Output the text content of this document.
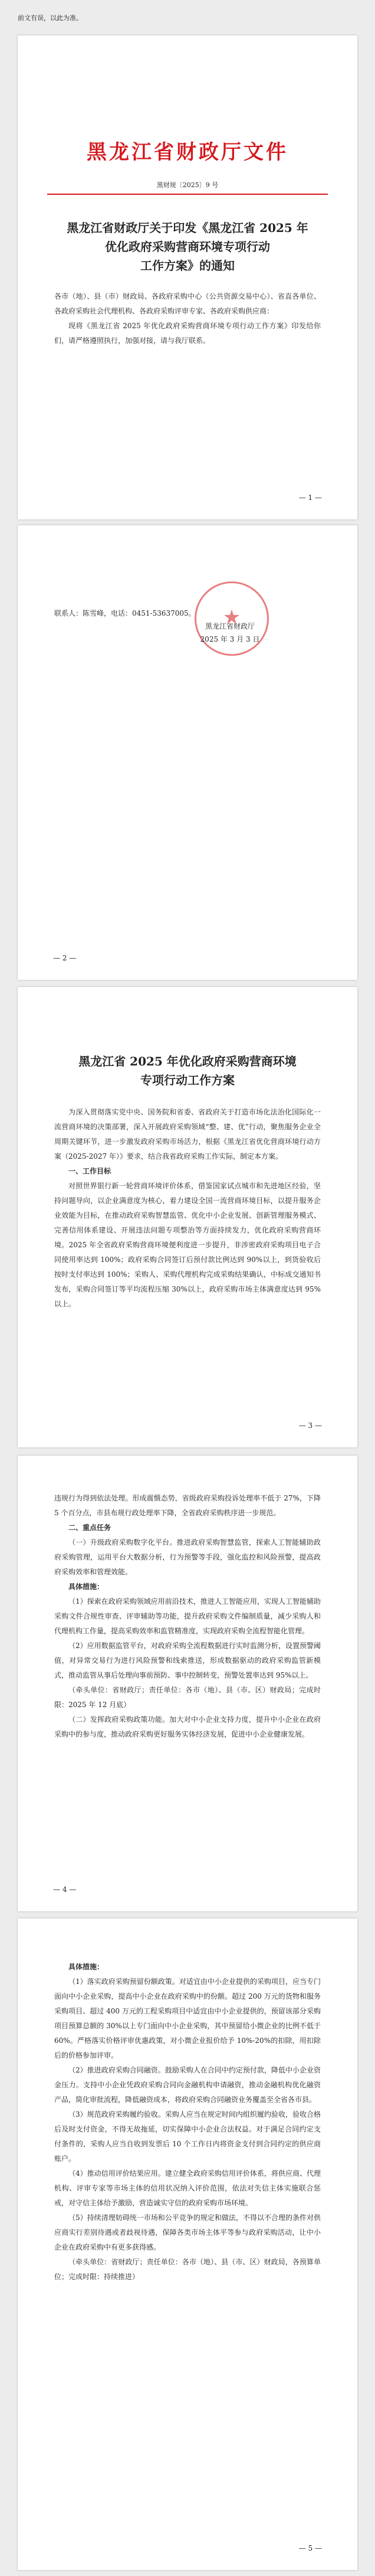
前文有误，以此为准。
黑龙江省财政厅文件
黑财规〔2025〕9 号
黑龙江省财政厅关于印发《黑龙江省 2025 年
优化政府采购营商环境专项行动
工作方案》的通知

各市（地）、县（市）财政局、各政府采购中心（公共资源交易中心）、省直各单位、各政府采购社会代理机构、各政府采购评审专家、各政府采购供应商：

现将《黑龙江省 2025 年优化政府采购营商环境专项行动工作方案》印发给你们，请严格遵照执行，加强对接，请与我厅联系。

— 1 —
联系人：陈雪峰，电话：0451-53637005。
★
黑龙江省财政厅
2025 年 3 月 3 日
— 2 —
黑龙江省 2025 年优化政府采购营商环境
专项行动工作方案

为深入贯彻落实党中央、国务院和省委、省政府关于打造市场化法治化国际化一流营商环境的决策部署，深入开展政府采购领域“整、建、优”行动，聚焦服务企业全周期关键环节，进一步激发政府采购市场活力，根据《黑龙江省优化营商环境行动方案（2025-2027 年）》要求，结合我省政府采购工作实际，制定本方案。

一、工作目标

对照世界银行新一轮营商环境评价体系，借鉴国家试点城市和先进地区经验，坚持问题导向，以企业满意度为核心，着力建设全国一流营商环境目标，以提升服务企业效能为目标，在推动政府采购智慧监管、优化中小企业发展、创新管理服务模式、完善信用体系建设、开展违法问题专项整治等方面持续发力，优化政府采购营商环境。2025 年全省政府采购营商环境便利度进一步提升，非涉密政府采购项目电子合同使用率达到 100%；政府采购合同签订后预付款比例达到 90%以上，到货验收后按时支付率达到 100%；采购人、采购代理机构完成采购结果确认，中标成交通知书发布，采购合同签订等平均流程压缩 30%以上，政府采购市场主体满意度达到 95%以上。

— 3 —

违规行为得到依法处理。形成震慑态势，省级政府采购投诉处理率不低于 27%，下降 5 个百分点，市县布规行政处理率下降，全省政府采购秩序进一步规范。

二、重点任务

（一）升级政府采购数字化平台。推进政府采购智慧监管，探索人工智能辅助政府采购管理，运用平台大数据分析，行为预警等手段，强化监控和风险预警，提高政府采购效率和管理效能。

具体措施：

（1）探索在政府采购领域应用前沿技术，推进人工智能应用，实现人工智能辅助采购文件合规性审查、评审辅助等功能，提升政府采购文件编制质量，减少采购人和代理机构工作量，提高采购效率和监管精准度，实现政府采购全流程智能化管理。

（2）应用数据监管平台，对政府采购全流程数据进行实时监测分析，设置预警阈值，对异常交易行为进行风险预警和线索推送，形成数据驱动的政府采购监管新模式，推动监管从事后处理向事前预防、事中控制转变，预警处置率达到 95%以上。

（牵头单位：省财政厅；责任单位：各市（地）、县（市、区）财政局；完成时限：2025 年 12 月底）

（二）发挥政府采购政策功能。加大对中小企业支持力度，提升中小企业在政府采购中的参与度，推动政府采购更好服务实体经济发展，促进中小企业健康发展。

— 4 —
具体措施：

（1）落实政府采购预留份额政策。对适宜由中小企业提供的采购项目，应当专门面向中小企业采购，提高中小企业在政府采购中的份额。超过 200 万元的货物和服务采购项目、超过 400 万元的工程采购项目中适宜由中小企业提供的，预留该部分采购项目预算总额的 30%以上专门面向中小企业采购，其中预留给小微企业的比例不低于 60%。严格落实价格评审优惠政策，对小微企业报价给予 10%-20%的扣除，用扣除后的价格参加评审。

（2）推进政府采购合同融资。鼓励采购人在合同中约定预付款，降低中小企业资金压力。支持中小企业凭政府采购合同向金融机构申请融资，推动金融机构优化融资产品，简化审批流程，降低融资成本，将政府采购合同融资业务覆盖至全省各市县。

（3）规范政府采购履约验收。采购人应当在规定时间内组织履约验收，验收合格后及时支付资金，不得无故拖延，切实保障中小企业合法权益。对于满足合同约定支付条件的，采购人应当自收到发票后 10 个工作日内将资金支付到合同约定的供应商账户。

（4）推动信用评价结果应用。建立健全政府采购信用评价体系，将供应商、代理机构、评审专家等市场主体的信用状况纳入评价范围，依法对失信主体实施联合惩戒，对守信主体给予激励，营造诚实守信的政府采购市场环境。

（5）持续清理妨碍统一市场和公平竞争的规定和做法，不得以不合理的条件对供应商实行差别待遇或者歧视待遇，保障各类市场主体平等参与政府采购活动，让中小企业在政府采购中有更多获得感。

（牵头单位：省财政厅；责任单位：各市（地）、县（市、区）财政局，各预算单位；完成时限：持续推进）

— 5 —
